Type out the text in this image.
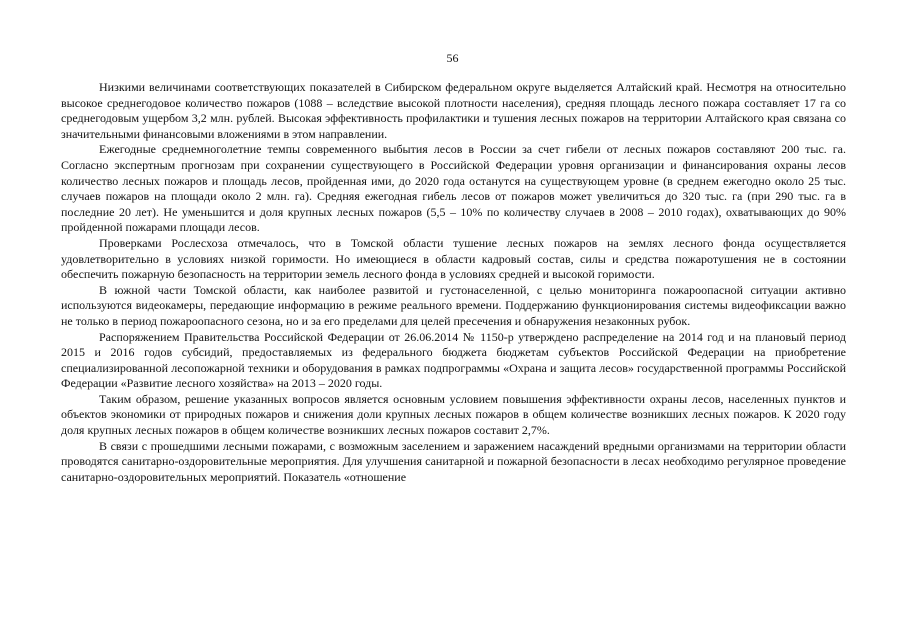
56

Низкими величинами соответствующих показателей в Сибирском федеральном округе выделяется Алтайский край. Несмотря на относительно высокое среднегодовое количество пожаров (1088 – вследствие высокой плотности населения), средняя площадь лесного пожара составляет 17 га со среднегодовым ущербом 3,2 млн. рублей. Высокая эффективность профилактики и тушения лесных пожаров на территории Алтайского края связана со значительными финансовыми вложениями в этом направлении.

Ежегодные среднемноголетние темпы современного выбытия лесов в России за счет гибели от лесных пожаров составляют 200 тыс. га. Согласно экспертным прогнозам при сохранении существующего в Российской Федерации уровня организации и финансирования охраны лесов количество лесных пожаров и площадь лесов, пройденная ими, до 2020 года останутся на существующем уровне (в среднем ежегодно около 25 тыс. случаев пожаров на площади около 2 млн. га). Средняя ежегодная гибель лесов от пожаров может увеличиться до 320 тыс. га (при 290 тыс. га в последние 20 лет). Не уменьшится и доля крупных лесных пожаров (5,5 – 10% по количеству случаев в 2008 – 2010 годах), охватывающих до 90% пройденной пожарами площади лесов.

Проверками Рослесхоза отмечалось, что в Томской области тушение лесных пожаров на землях лесного фонда осуществляется удовлетворительно в условиях низкой горимости. Но имеющиеся в области кадровый состав, силы и средства пожаротушения не в состоянии обеспечить пожарную безопасность на территории земель лесного фонда в условиях средней и высокой горимости.

В южной части Томской области, как наиболее развитой и густонаселенной, с целью мониторинга пожароопасной ситуации активно используются видеокамеры, передающие информацию в режиме реального времени. Поддержанию функционирования системы видеофиксации важно не только в период пожароопасного сезона, но и за его пределами для целей пресечения и обнаружения незаконных рубок.

Распоряжением Правительства Российской Федерации от 26.06.2014 № 1150-р утверждено распределение на 2014 год и на плановый период 2015 и 2016 годов субсидий, предоставляемых из федерального бюджета бюджетам субъектов Российской Федерации на приобретение специализированной лесопожарной техники и оборудования в рамках подпрограммы «Охрана и защита лесов» государственной программы Российской Федерации «Развитие лесного хозяйства» на 2013 – 2020 годы.

Таким образом, решение указанных вопросов является основным условием повышения эффективности охраны лесов, населенных пунктов и объектов экономики от природных пожаров и снижения доли крупных лесных пожаров в общем количестве возникших лесных пожаров. К 2020 году доля крупных лесных пожаров в общем количестве возникших лесных пожаров составит 2,7%.

В связи с прошедшими лесными пожарами, с возможным заселением и заражением насаждений вредными организмами на территории области проводятся санитарно-оздоровительные мероприятия. Для улучшения санитарной и пожарной безопасности в лесах необходимо регулярное проведение санитарно-оздоровительных мероприятий. Показатель «отношение
